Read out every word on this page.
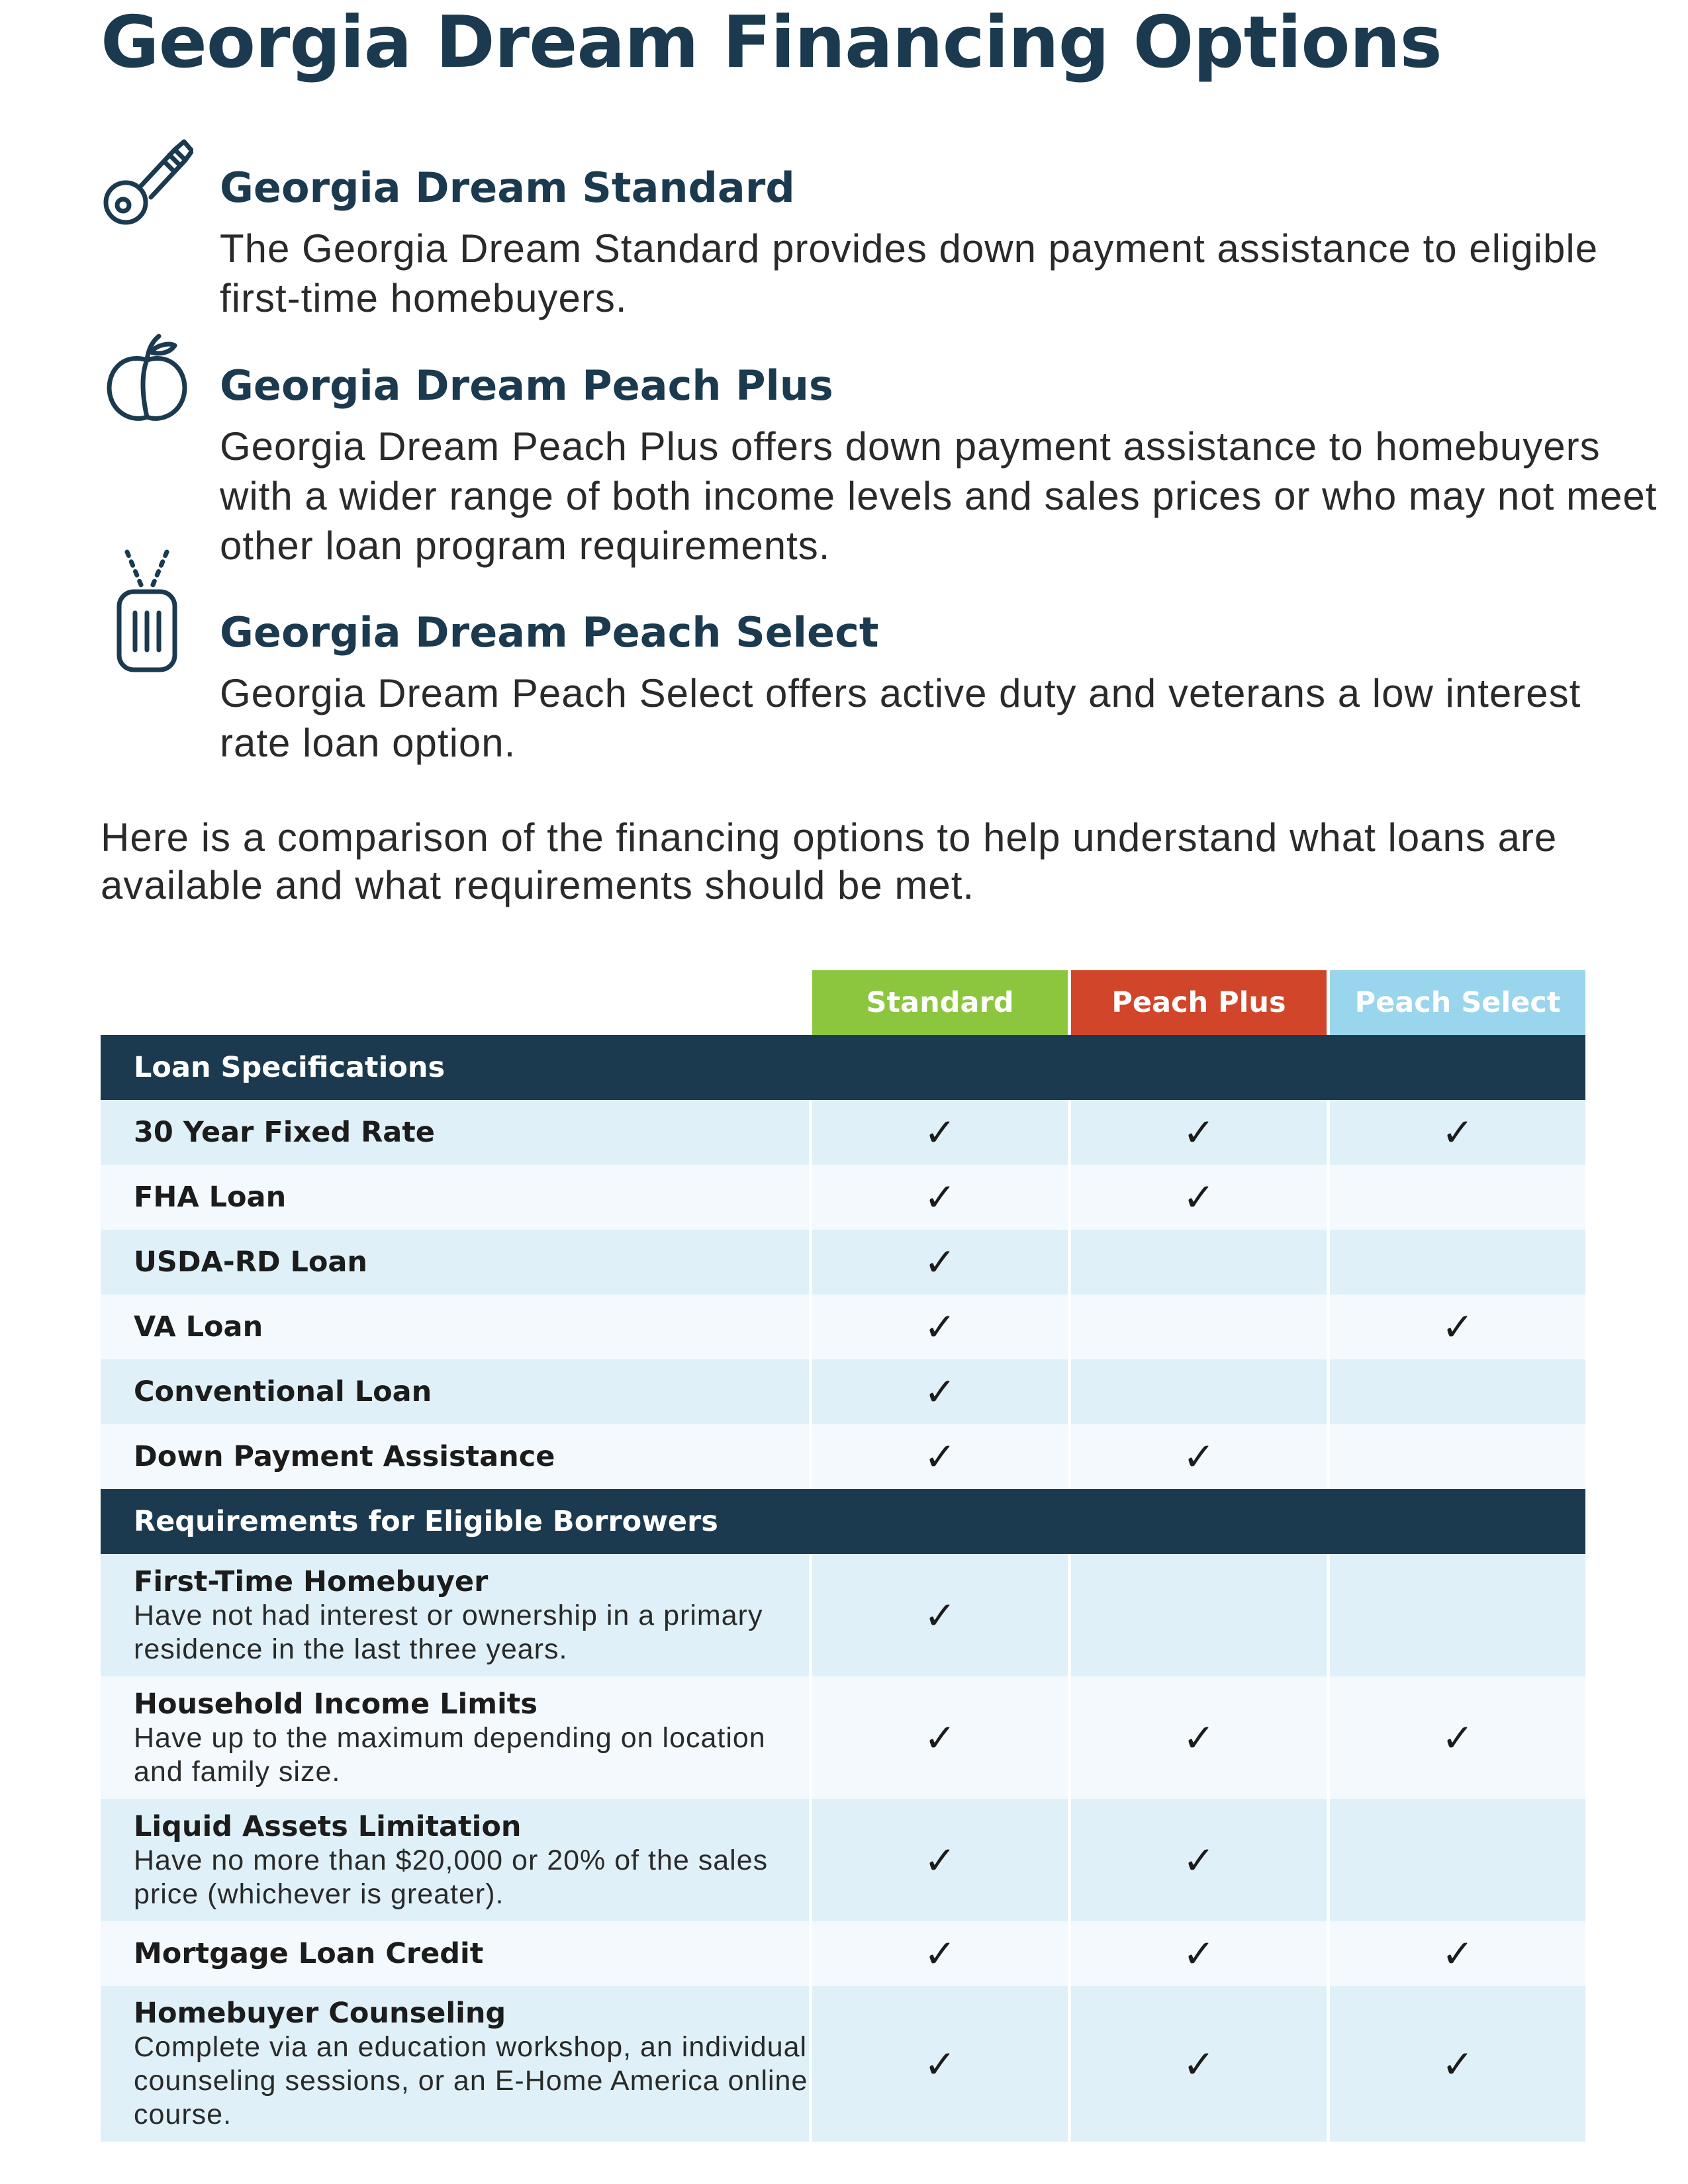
Georgia Dream Financing Options
Georgia Dream Standard

The Georgia Dream Standard provides down payment assistance to eligible first-time homebuyers.

Georgia Dream Peach Plus

Georgia Dream Peach Plus offers down payment assistance to homebuyers with a wider range of both income levels and sales prices or who may not meet other loan program requirements.

Georgia Dream Peach Select

Georgia Dream Peach Select offers active duty and veterans a low interest rate loan option.

Here is a comparison of the financing options to help understand what loans are available and what requirements should be met.

	Standard	Peach Plus	Peach Select
Loan Specifications			

30 Year Fixed Rate	✓	✓	✓

FHA Loan	✓	✓	

USDA-RD Loan	✓		

VA Loan	✓		✓

Conventional Loan	✓		

Down Payment Assistance	✓	✓	
Requirements for Eligible Borrowers			

First-Time Homebuyer
Have not had interest or ownership in a primary residence in the last three years.	✓		

Household Income Limits
Have up to the maximum depending on location and family size.	✓	✓	✓

Liquid Assets Limitation
Have no more than $20,000 or 20% of the sales price (whichever is greater).	✓	✓	

Mortgage Loan Credit	✓	✓	✓

Homebuyer Counseling
Complete via an education workshop, an individual counseling sessions, or an E-Home America online course.	✓	✓	✓
